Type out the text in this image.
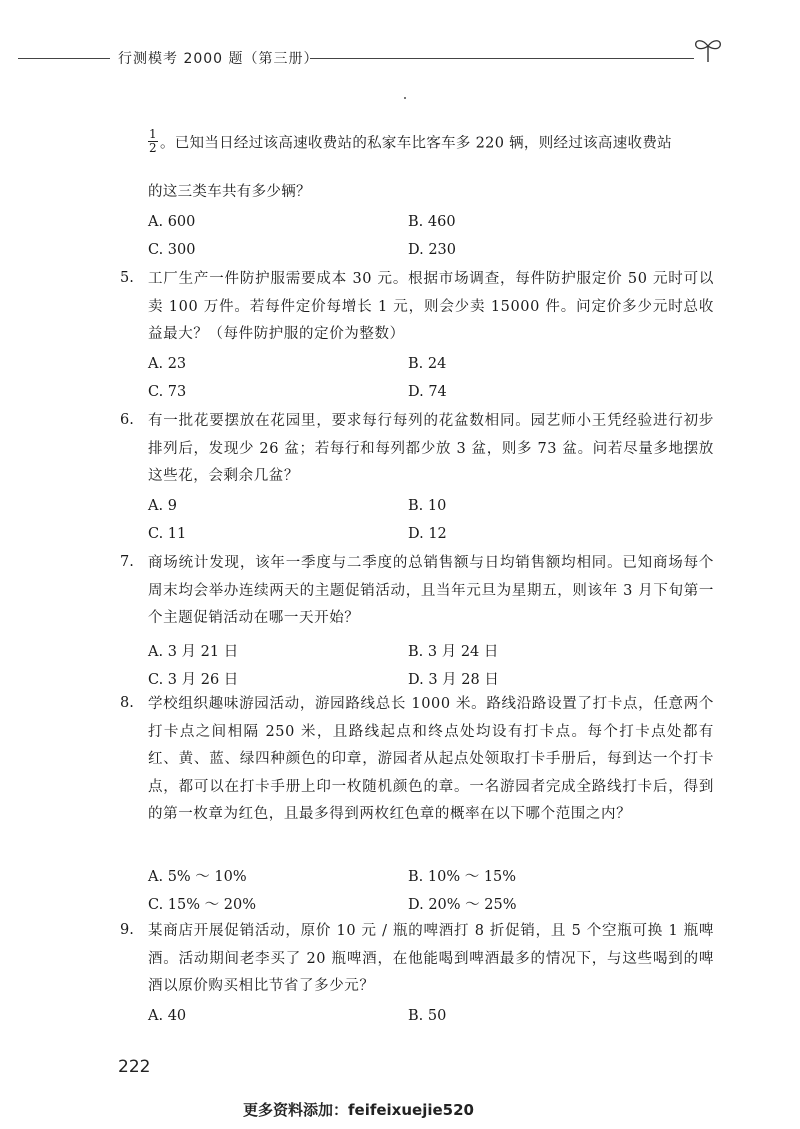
行测模考 2000 题（第三册）
$\frac{1}{2}$ 。已知当日经过该高速收费站的私家车比客车多 220 辆，则经过该高速收费站
的这三类车共有多少辆？
A. 600	B. 460
C. 300	D. 230
5. 工厂生产一件防护服需要成本 30 元。根据市场调查，每件防护服定价 50 元时可以卖 100 万件。若每件定价每增长 1 元，则会少卖 15000 件。问定价多少元时总收益最大？（每件防护服的定价为整数）
A. 23	B. 24
C. 73	D. 74
6. 有一批花要摆放在花园里，要求每行每列的花盆数相同。园艺师小王凭经验进行初步排列后，发现少 26 盆；若每行和每列都少放 3 盆，则多 73 盆。问若尽量多地摆放这些花，会剩余几盆？
A. 9	B. 10
C. 11	D. 12
7. 商场统计发现，该年一季度与二季度的总销售额与日均销售额均相同。已知商场每个周末均会举办连续两天的主题促销活动，且当年元旦为星期五，则该年 3 月下旬第一个主题促销活动在哪一天开始？
A. 3 月 21 日	B. 3 月 24 日
C. 3 月 26 日	D. 3 月 28 日
8. 学校组织趣味游园活动，游园路线总长 1000 米。路线沿路设置了打卡点，任意两个打卡点之间相隔 250 米，且路线起点和终点处均设有打卡点。每个打卡点处都有红、黄、蓝、绿四种颜色的印章，游园者从起点处领取打卡手册后，每到达一个打卡点，都可以在打卡手册上印一枚随机颜色的章。一名游园者完成全路线打卡后，得到的第一枚章为红色，且最多得到两枚红色章的概率在以下哪个范围之内？
A. 5% ～ 10%	B. 10% ～ 15%
C. 15% ～ 20%	D. 20% ～ 25%
9. 某商店开展促销活动，原价 10 元 / 瓶的啤酒打 8 折促销，且 5 个空瓶可换 1 瓶啤酒。活动期间老李买了 20 瓶啤酒，在他能喝到啤酒最多的情况下，与这些喝到的啤酒以原价购买相比节省了多少元？
A. 40	B. 50
222
更多资料添加：feifeixuejie520
